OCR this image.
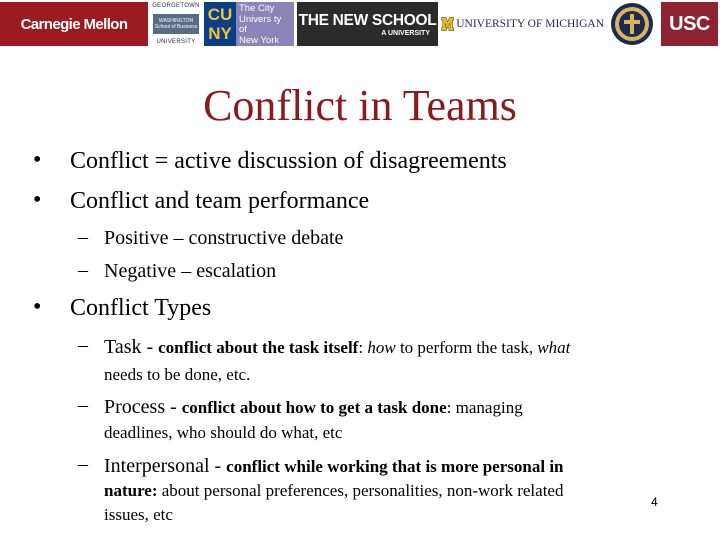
Carnegie Mellon
GEORGETOWN
WASHINGTON
School of Business
UNIVERSITY
CU
NY
The City
Univers ty
of
New York
THE NEW SCHOOL
A UNIVERSITY
UNIVERSITY OF MICHIGAN	USC
Conflict in Teams
• Conflict = active discussion of disagreements
• Conflict and team performance
– Positive – constructive debate
– Negative – escalation
• Conflict Types
– Task - conflict about the task itself: how to perform the task, what
needs to be done, etc.
– Process - conflict about how to get a task done: managing
deadlines, who should do what, etc
– Interpersonal - conflict while working that is more personal in
nature: about personal preferences, personalities, non-work related
issues, etc
4
